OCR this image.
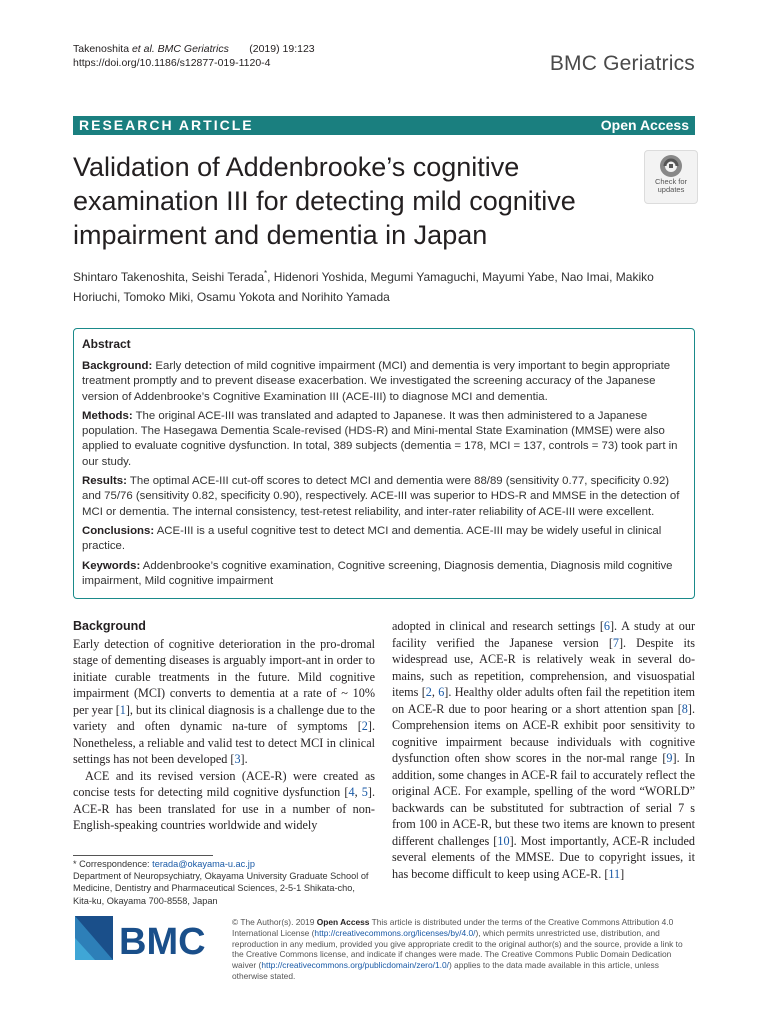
Takenoshita et al. BMC Geriatrics (2019) 19:123
https://doi.org/10.1186/s12877-019-1120-4	BMC Geriatrics
RESEARCH ARTICLE	Open Access
Validation of Addenbrooke’s cognitive examination III for detecting mild cognitive impairment and dementia in Japan
Check for
updates
Shintaro Takenoshita, Seishi Terada*, Hidenori Yoshida, Megumi Yamaguchi, Mayumi Yabe, Nao Imai, Makiko Horiuchi, Tomoko Miki, Osamu Yokota and Norihito Yamada
Abstract

Background: Early detection of mild cognitive impairment (MCI) and dementia is very important to begin appropriate treatment promptly and to prevent disease exacerbation. We investigated the screening accuracy of the Japanese version of Addenbrooke’s Cognitive Examination III (ACE-III) to diagnose MCI and dementia.

Methods: The original ACE-III was translated and adapted to Japanese. It was then administered to a Japanese population. The Hasegawa Dementia Scale-revised (HDS-R) and Mini-mental State Examination (MMSE) were also applied to evaluate cognitive dysfunction. In total, 389 subjects (dementia = 178, MCI = 137, controls = 73) took part in our study.

Results: The optimal ACE-III cut-off scores to detect MCI and dementia were 88/89 (sensitivity 0.77, specificity 0.92) and 75/76 (sensitivity 0.82, specificity 0.90), respectively. ACE-III was superior to HDS-R and MMSE in the detection of MCI or dementia. The internal consistency, test-retest reliability, and inter-rater reliability of ACE-III were excellent.

Conclusions: ACE-III is a useful cognitive test to detect MCI and dementia. ACE-III may be widely useful in clinical practice.

Keywords: Addenbrooke’s cognitive examination, Cognitive screening, Diagnosis dementia, Diagnosis mild cognitive impairment, Mild cognitive impairment

Background

Early detection of cognitive deterioration in the pro-dromal stage of dementing diseases is arguably import-ant in order to initiate curable treatments in the future. Mild cognitive impairment (MCI) converts to dementia at a rate of ~ 10% per year [1], but its clinical diagnosis is a challenge due to the variety and often dynamic na-ture of symptoms [2]. Nonetheless, a reliable and valid test to detect MCI in clinical settings has not been developed [3].

ACE and its revised version (ACE-R) were created as concise tests for detecting mild cognitive dysfunction [4, 5]. ACE-R has been translated for use in a number of non-English-speaking countries worldwide and widely

adopted in clinical and research settings [6]. A study at our facility verified the Japanese version [7]. Despite its widespread use, ACE-R is relatively weak in several do-mains, such as repetition, comprehension, and visuospatial items [2, 6]. Healthy older adults often fail the repetition item on ACE-R due to poor hearing or a short attention span [8]. Comprehension items on ACE-R exhibit poor sensitivity to cognitive impairment because individuals with cognitive dysfunction often show scores in the nor-mal range [9]. In addition, some changes in ACE-R fail to accurately reflect the original ACE. For example, spelling of the word “WORLD” backwards can be substituted for subtraction of serial 7 s from 100 in ACE-R, but these two items are known to present different challenges [10]. Most importantly, ACE-R included several elements of the MMSE. Due to copyright issues, it has become difficult to keep using ACE-R. [11]

* Correspondence: terada@okayama-u.ac.jp
Department of Neuropsychiatry, Okayama University Graduate School of Medicine, Dentistry and Pharmaceutical Sciences, 2-5-1 Shikata-cho, Kita-ku, Okayama 700-8558, Japan
BMC	© The Author(s). 2019 Open Access This article is distributed under the terms of the Creative Commons Attribution 4.0 International License (http://creativecommons.org/licenses/by/4.0/), which permits unrestricted use, distribution, and reproduction in any medium, provided you give appropriate credit to the original author(s) and the source, provide a link to the Creative Commons license, and indicate if changes were made. The Creative Commons Public Domain Dedication waiver (http://creativecommons.org/publicdomain/zero/1.0/) applies to the data made available in this article, unless otherwise stated.
